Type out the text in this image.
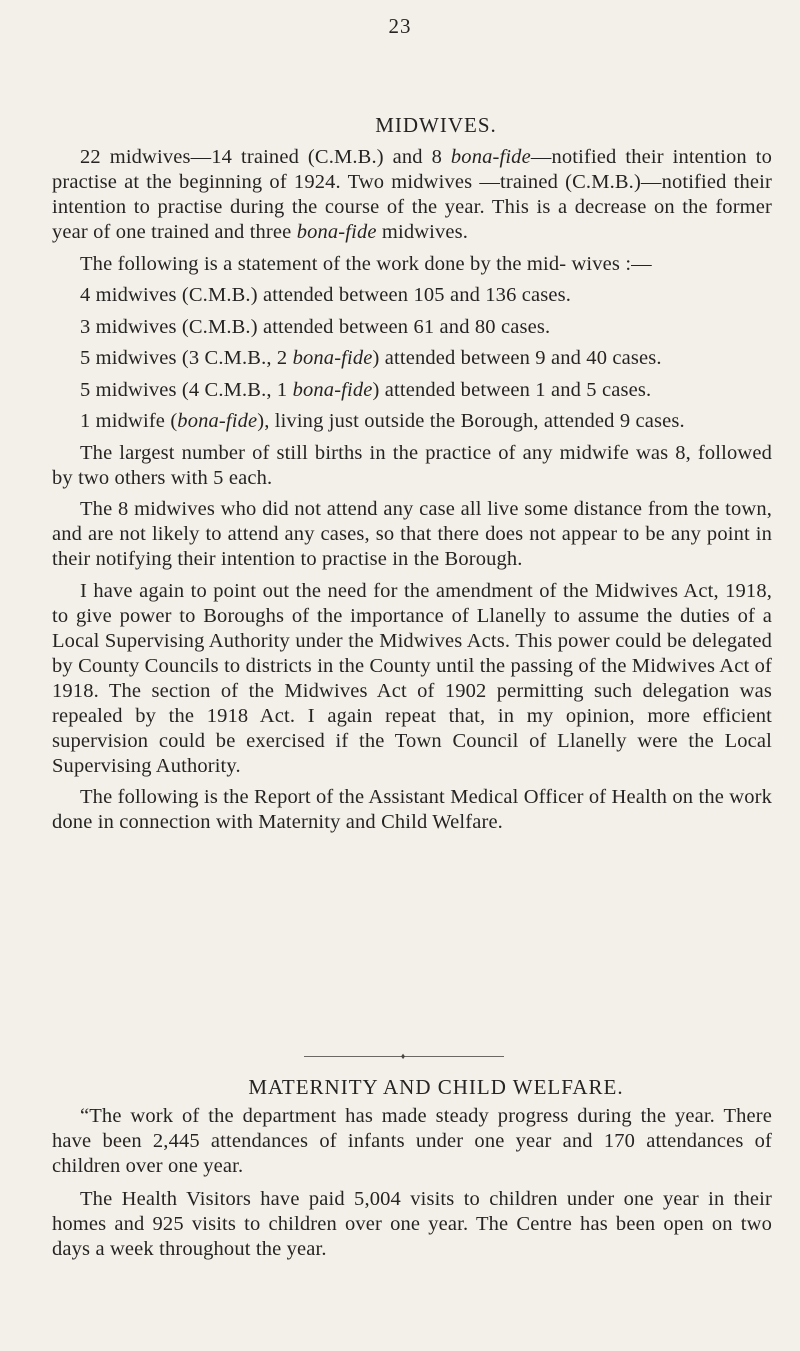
23
MIDWIVES.

22 midwives—14 trained (C.M.B.) and 8 bona-fide—notified their intention to practise at the beginning of 1924. Two midwives —trained (C.M.B.)—notified their intention to practise during the course of the year. This is a decrease on the former year of one trained and three bona-fide midwives.

The following is a statement of the work done by the mid- wives :—

4 midwives (C.M.B.) attended between 105 and 136 cases.

3 midwives (C.M.B.) attended between 61 and 80 cases.

5 midwives (3 C.M.B., 2 bona-fide) attended between 9 and 40 cases.

5 midwives (4 C.M.B., 1 bona-fide) attended between 1 and 5 cases.

1 midwife (bona-fide), living just outside the Borough, attended 9 cases.

The largest number of still births in the practice of any midwife was 8, followed by two others with 5 each.

The 8 midwives who did not attend any case all live some distance from the town, and are not likely to attend any cases, so that there does not appear to be any point in their notifying their intention to practise in the Borough.

I have again to point out the need for the amendment of the Midwives Act, 1918, to give power to Boroughs of the importance of Llanelly to assume the duties of a Local Supervising Authority under the Midwives Acts. This power could be delegated by County Councils to districts in the County until the passing of the Midwives Act of 1918. The section of the Midwives Act of 1902 permitting such delegation was repealed by the 1918 Act. I again repeat that, in my opinion, more efficient supervision could be exercised if the Town Council of Llanelly were the Local Supervising Authority.

The following is the Report of the Assistant Medical Officer of Health on the work done in connection with Maternity and Child Welfare.

♦
MATERNITY AND CHILD WELFARE.

“The work of the department has made steady progress during the year. There have been 2,445 attendances of infants under one year and 170 attendances of children over one year.

The Health Visitors have paid 5,004 visits to children under one year in their homes and 925 visits to children over one year. The Centre has been open on two days a week throughout the year.
